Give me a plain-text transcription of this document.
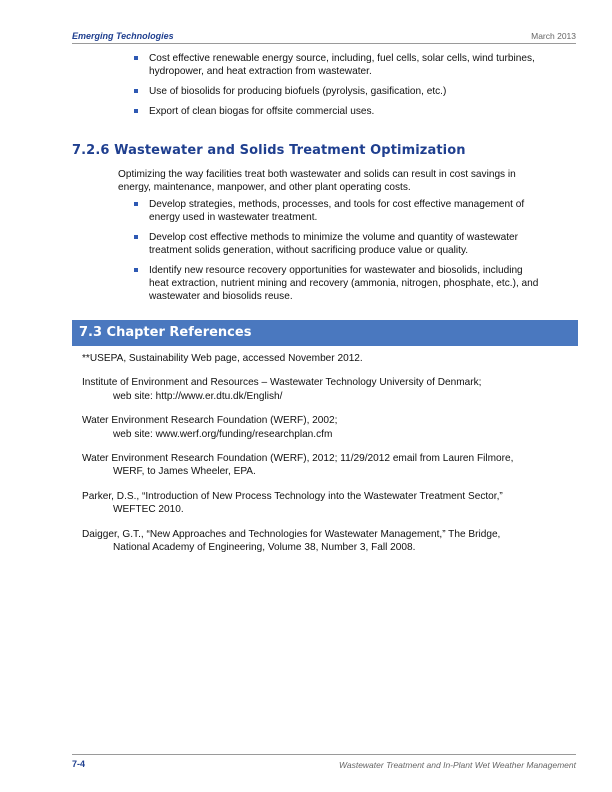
Emerging Technologies	March 2013
Cost effective renewable energy source, including, fuel cells, solar cells, wind turbines,
hydropower, and heat extraction from wastewater.
Use of biosolids for producing biofuels (pyrolysis, gasification, etc.)
Export of clean biogas for offsite commercial uses.
7.2.6 Wastewater and Solids Treatment Optimization

Optimizing the way facilities treat both wastewater and solids can result in cost savings in
energy, maintenance, manpower, and other plant operating costs.

Develop strategies, methods, processes, and tools for cost effective management of
energy used in wastewater treatment.
Develop cost effective methods to minimize the volume and quantity of wastewater
treatment solids generation, without sacrificing produce value or quality.
Identify new resource recovery opportunities for wastewater and biosolids, including
heat extraction, nutrient mining and recovery (ammonia, nitrogen, phosphate, etc.), and
wastewater and biosolids reuse.
7.3 Chapter References
**USEPA, Sustainability Web page, accessed November 2012.
Institute of Environment and Resources – Wastewater Technology University of Denmark;
web site: http://www.er.dtu.dk/English/
Water Environment Research Foundation (WERF), 2002;
web site: www.werf.org/funding/researchplan.cfm
Water Environment Research Foundation (WERF), 2012; 11/29/2012 email from Lauren Filmore,
WERF, to James Wheeler, EPA.
Parker, D.S., “Introduction of New Process Technology into the Wastewater Treatment Sector,”
WEFTEC 2010.
Daigger, G.T., “New Approaches and Technologies for Wastewater Management,” The Bridge,
National Academy of Engineering, Volume 38, Number 3, Fall 2008.
7-4	Wastewater Treatment and In-Plant Wet Weather Management
